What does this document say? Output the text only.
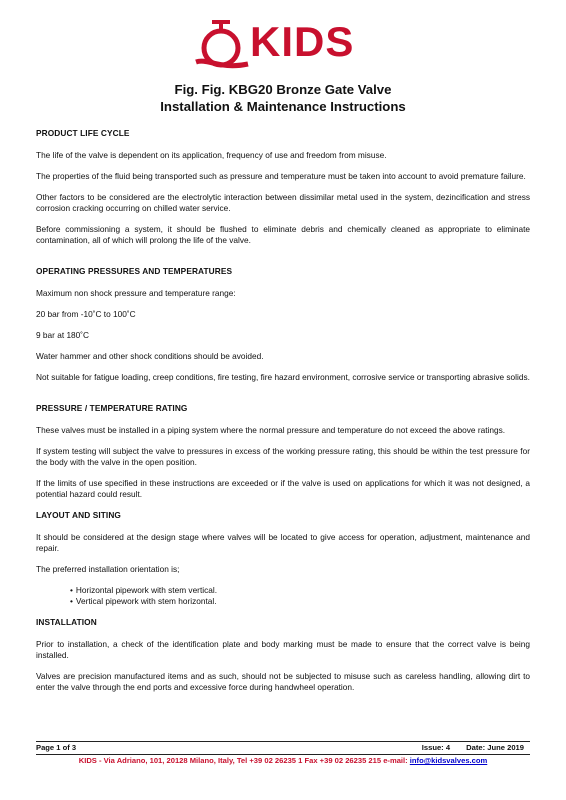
KIDS
Fig. Fig. KBG20 Bronze Gate Valve
Installation & Maintenance Instructions
PRODUCT LIFE CYCLE

The life of the valve is dependent on its application, frequency of use and freedom from misuse.

The properties of the fluid being transported such as pressure and temperature must be taken into account to avoid premature failure.

Other factors to be considered are the electrolytic interaction between dissimilar metal used in the system, dezincification and stress corrosion cracking occurring on chilled water service.

Before commissioning a system, it should be flushed to eliminate debris and chemically cleaned as appropriate to eliminate contamination, all of which will prolong the life of the valve.

OPERATING PRESSURES AND TEMPERATURES

Maximum non shock pressure and temperature range:

20 bar from -10˚C to 100˚C

9 bar at 180˚C

Water hammer and other shock conditions should be avoided.

Not suitable for fatigue loading, creep conditions, fire testing, fire hazard environment, corrosive service or transporting abrasive solids.

PRESSURE / TEMPERATURE RATING

These valves must be installed in a piping system where the normal pressure and temperature do not exceed the above ratings.

If system testing will subject the valve to pressures in excess of the working pressure rating, this should be within the test pressure for the body with the valve in the open position.

If the limits of use specified in these instructions are exceeded or if the valve is used on applications for which it was not designed, a potential hazard could result.

LAYOUT AND SITING

It should be considered at the design stage where valves will be located to give access for operation, adjustment, maintenance and repair.

The preferred installation orientation is;

• Horizontal pipework with stem vertical.
• Vertical pipework with stem horizontal.
INSTALLATION

Prior to installation, a check of the identification plate and body marking must be made to ensure that the correct valve is being installed.

Valves are precision manufactured items and as such, should not be subjected to misuse such as careless handling, allowing dirt to enter the valve through the end ports and excessive force during handwheel operation.

Page 1 of 3	Issue: 4 Date: June 2019
KIDS - Via Adriano, 101, 20128 Milano, Italy, Tel +39 02 26235 1 Fax +39 02 26235 215 e-mail: info@kidsvalves.com
